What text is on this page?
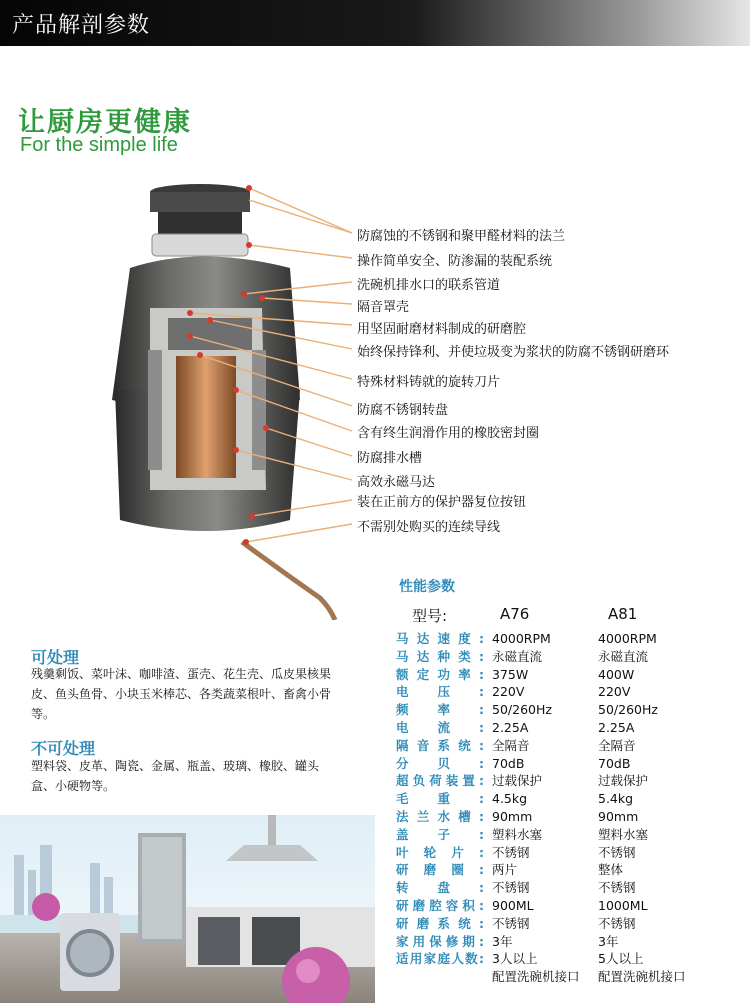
产品解剖参数
让厨房更健康
For the simple life
防腐蚀的不锈钢和聚甲醛材料的法兰
操作简单安全、防渗漏的装配系统
洗碗机排水口的联系管道
隔音罩壳
用坚固耐磨材料制成的研磨腔
始终保持锋利、并使垃圾变为浆状的防腐不锈钢研磨环
特殊材料铸就的旋转刀片
防腐不锈钢转盘
含有终生润滑作用的橡胶密封圈
防腐排水槽
高效永磁马达
装在正前方的保护器复位按钮
不需别处购买的连续导线
性能参数
型号:	A76	A81
马达速度:	4000RPM	4000RPM
马达种类:	永磁直流	永磁直流
额定功率:	375W	400W
电压:	220V	220V
频率:	50/260Hz	50/260Hz
电流:	2.25A	2.25A
隔音系统:	全隔音	全隔音
分贝:	70dB	70dB
超负荷装置:	过载保护	过载保护
毛重:	4.5kg	5.4kg
法兰水槽:	90mm	90mm
盖子:	塑料水塞	塑料水塞
叶轮片:	不锈钢	不锈钢
研磨圈:	两片	整体
转盘:	不锈钢	不锈钢
研磨腔容积:	900ML	1000ML
研磨系统:	不锈钢	不锈钢
家用保修期:	3年	3年
适用家庭人数:	3人以上	5人以上
	配置洗碗机接口	配置洗碗机接口
可处理
残羹剩饭、菜叶沫、咖啡渣、蛋壳、花生壳、瓜皮果核果皮、鱼头鱼骨、小块玉米棒芯、各类蔬菜根叶、畜禽小骨等。
不可处理
塑料袋、皮革、陶瓷、金属、瓶盖、玻璃、橡胶、罐头盒、小硬物等。
